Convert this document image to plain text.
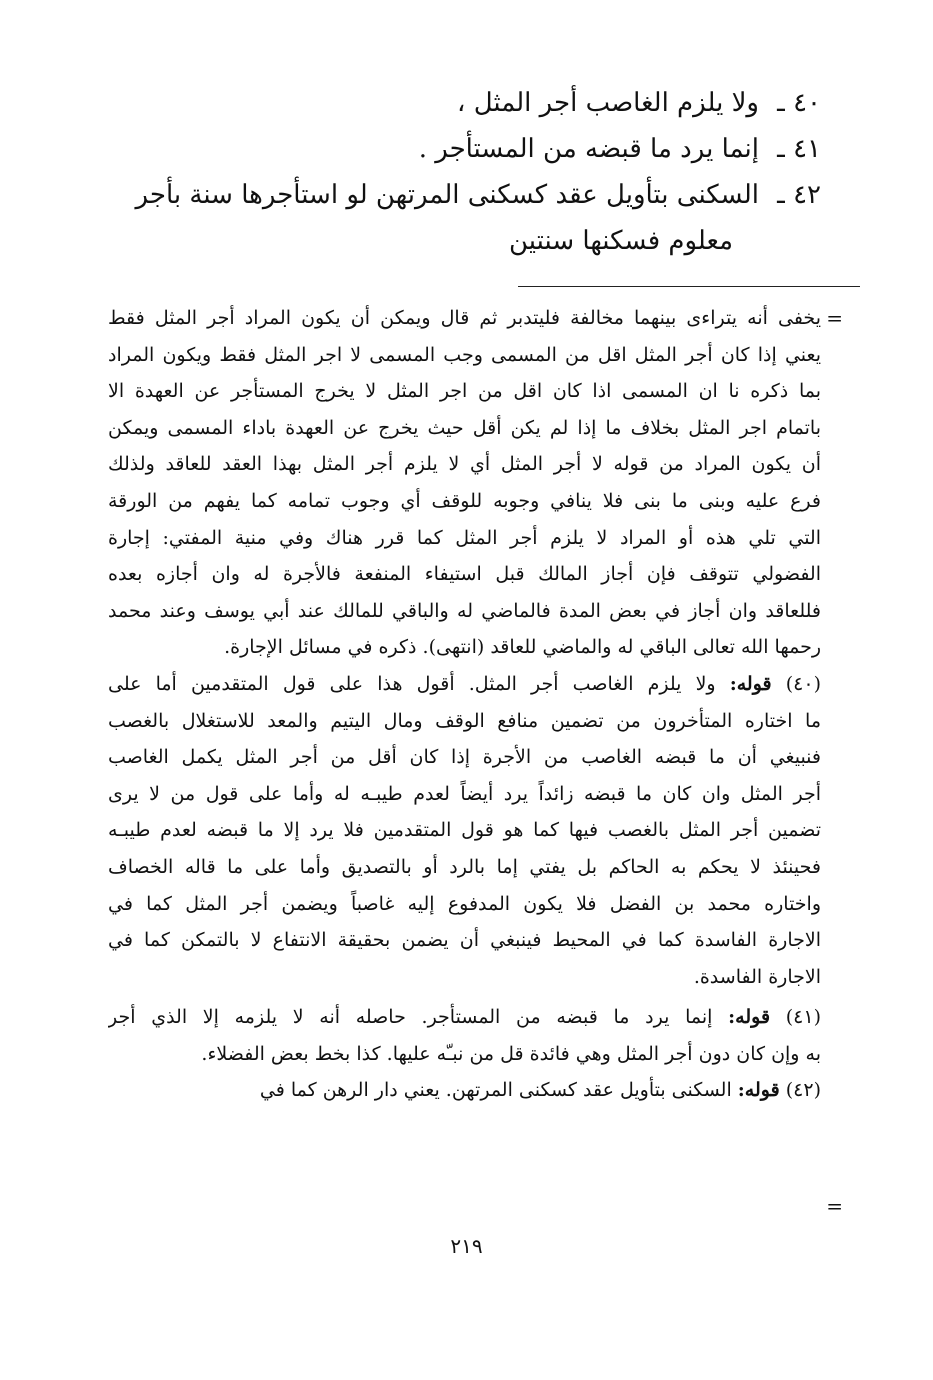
٤٠ ـولا يلزم الغاصب أجر المثل ،
٤١ ـإنما يرد ما قبضه من المستأجر .
٤٢ ـالسكنى بتأويل عقد كسكنى المرتهن لو استأجرها سنة بأجر
معلوم فسكنها سنتين
=
يخفى أنه يتراءى بينهما مخالفة فليتدبر ثم قال ويمكن أن يكون المراد أجر المثل فقط
يعني إذا كان أجر المثل اقل من المسمى وجب المسمى لا اجر المثل فقط ويكون المراد
بما ذكره نا ان المسمى اذا كان اقل من اجر المثل لا يخرج المستأجر عن العهدة الا
باتمام اجر المثل بخلاف ما إذا لم يكن أقل حيث يخرج عن العهدة باداء المسمى ويمكن
أن يكون المراد من قوله لا أجر المثل أي لا يلزم أجر المثل بهذا العقد للعاقد ولذلك
فرع عليه وبنى ما بنى فلا ينافي وجوبه للوقف أي وجوب تمامه كما يفهم من الورقة
التي تلي هذه أو المراد لا يلزم أجر المثل كما قرر هناك وفي منية المفتي: إجارة
الفضولي تتوقف فإن أجاز المالك قبل استيفاء المنفعة فالأجرة له وان أجازه بعده
فللعاقد وان أجاز في بعض المدة فالماضي له والباقي للمالك عند أبي يوسف وعند محمد
رحمها الله تعالى الباقي له والماضي للعاقد (انتهى). ذكره في مسائل الإجارة.
(٤٠) قوله: ولا يلزم الغاصب أجر المثل. أقول هذا على قول المتقدمين أما على
ما اختاره المتأخرون من تضمين منافع الوقف ومال اليتيم والمعد للاستغلال بالغصب
فنبيغي أن ما قبضه الغاصب من الأجرة إذا كان أقل من أجر المثل يكمل الغاصب
أجر المثل وان كان ما قبضه زائداً يرد أيضاً لعدم طيبـه له وأما على قول من لا يرى
تضمين أجر المثل بالغصب فيها كما هو قول المتقدمين فلا يرد إلا ما قبضه لعدم طيبـه
فحينئذ لا يحكم به الحاكم بل يفتي إما بالرد أو بالتصديق وأما على ما قاله الخصاف
واختاره محمد بن الفضل فلا يكون المدفوع إليه غاصباً ويضمن أجر المثل كما في
الاجارة الفاسدة كما في المحيط فينبغي أن يضمن بحقيقة الانتفاع لا بالتمكن كما في
الاجارة الفاسدة.
(٤١) قوله: إنما يرد ما قبضه من المستأجر. حاصله أنه لا يلزمه إلا الذي أجر
به وإن كان دون أجر المثل وهي فائدة قل من نبـّه عليها. كذا بخط بعض الفضلاء.
(٤٢) قوله: السكنى بتأويل عقد كسكنى المرتهن. يعني دار الرهن كما في
=
٢١٩
